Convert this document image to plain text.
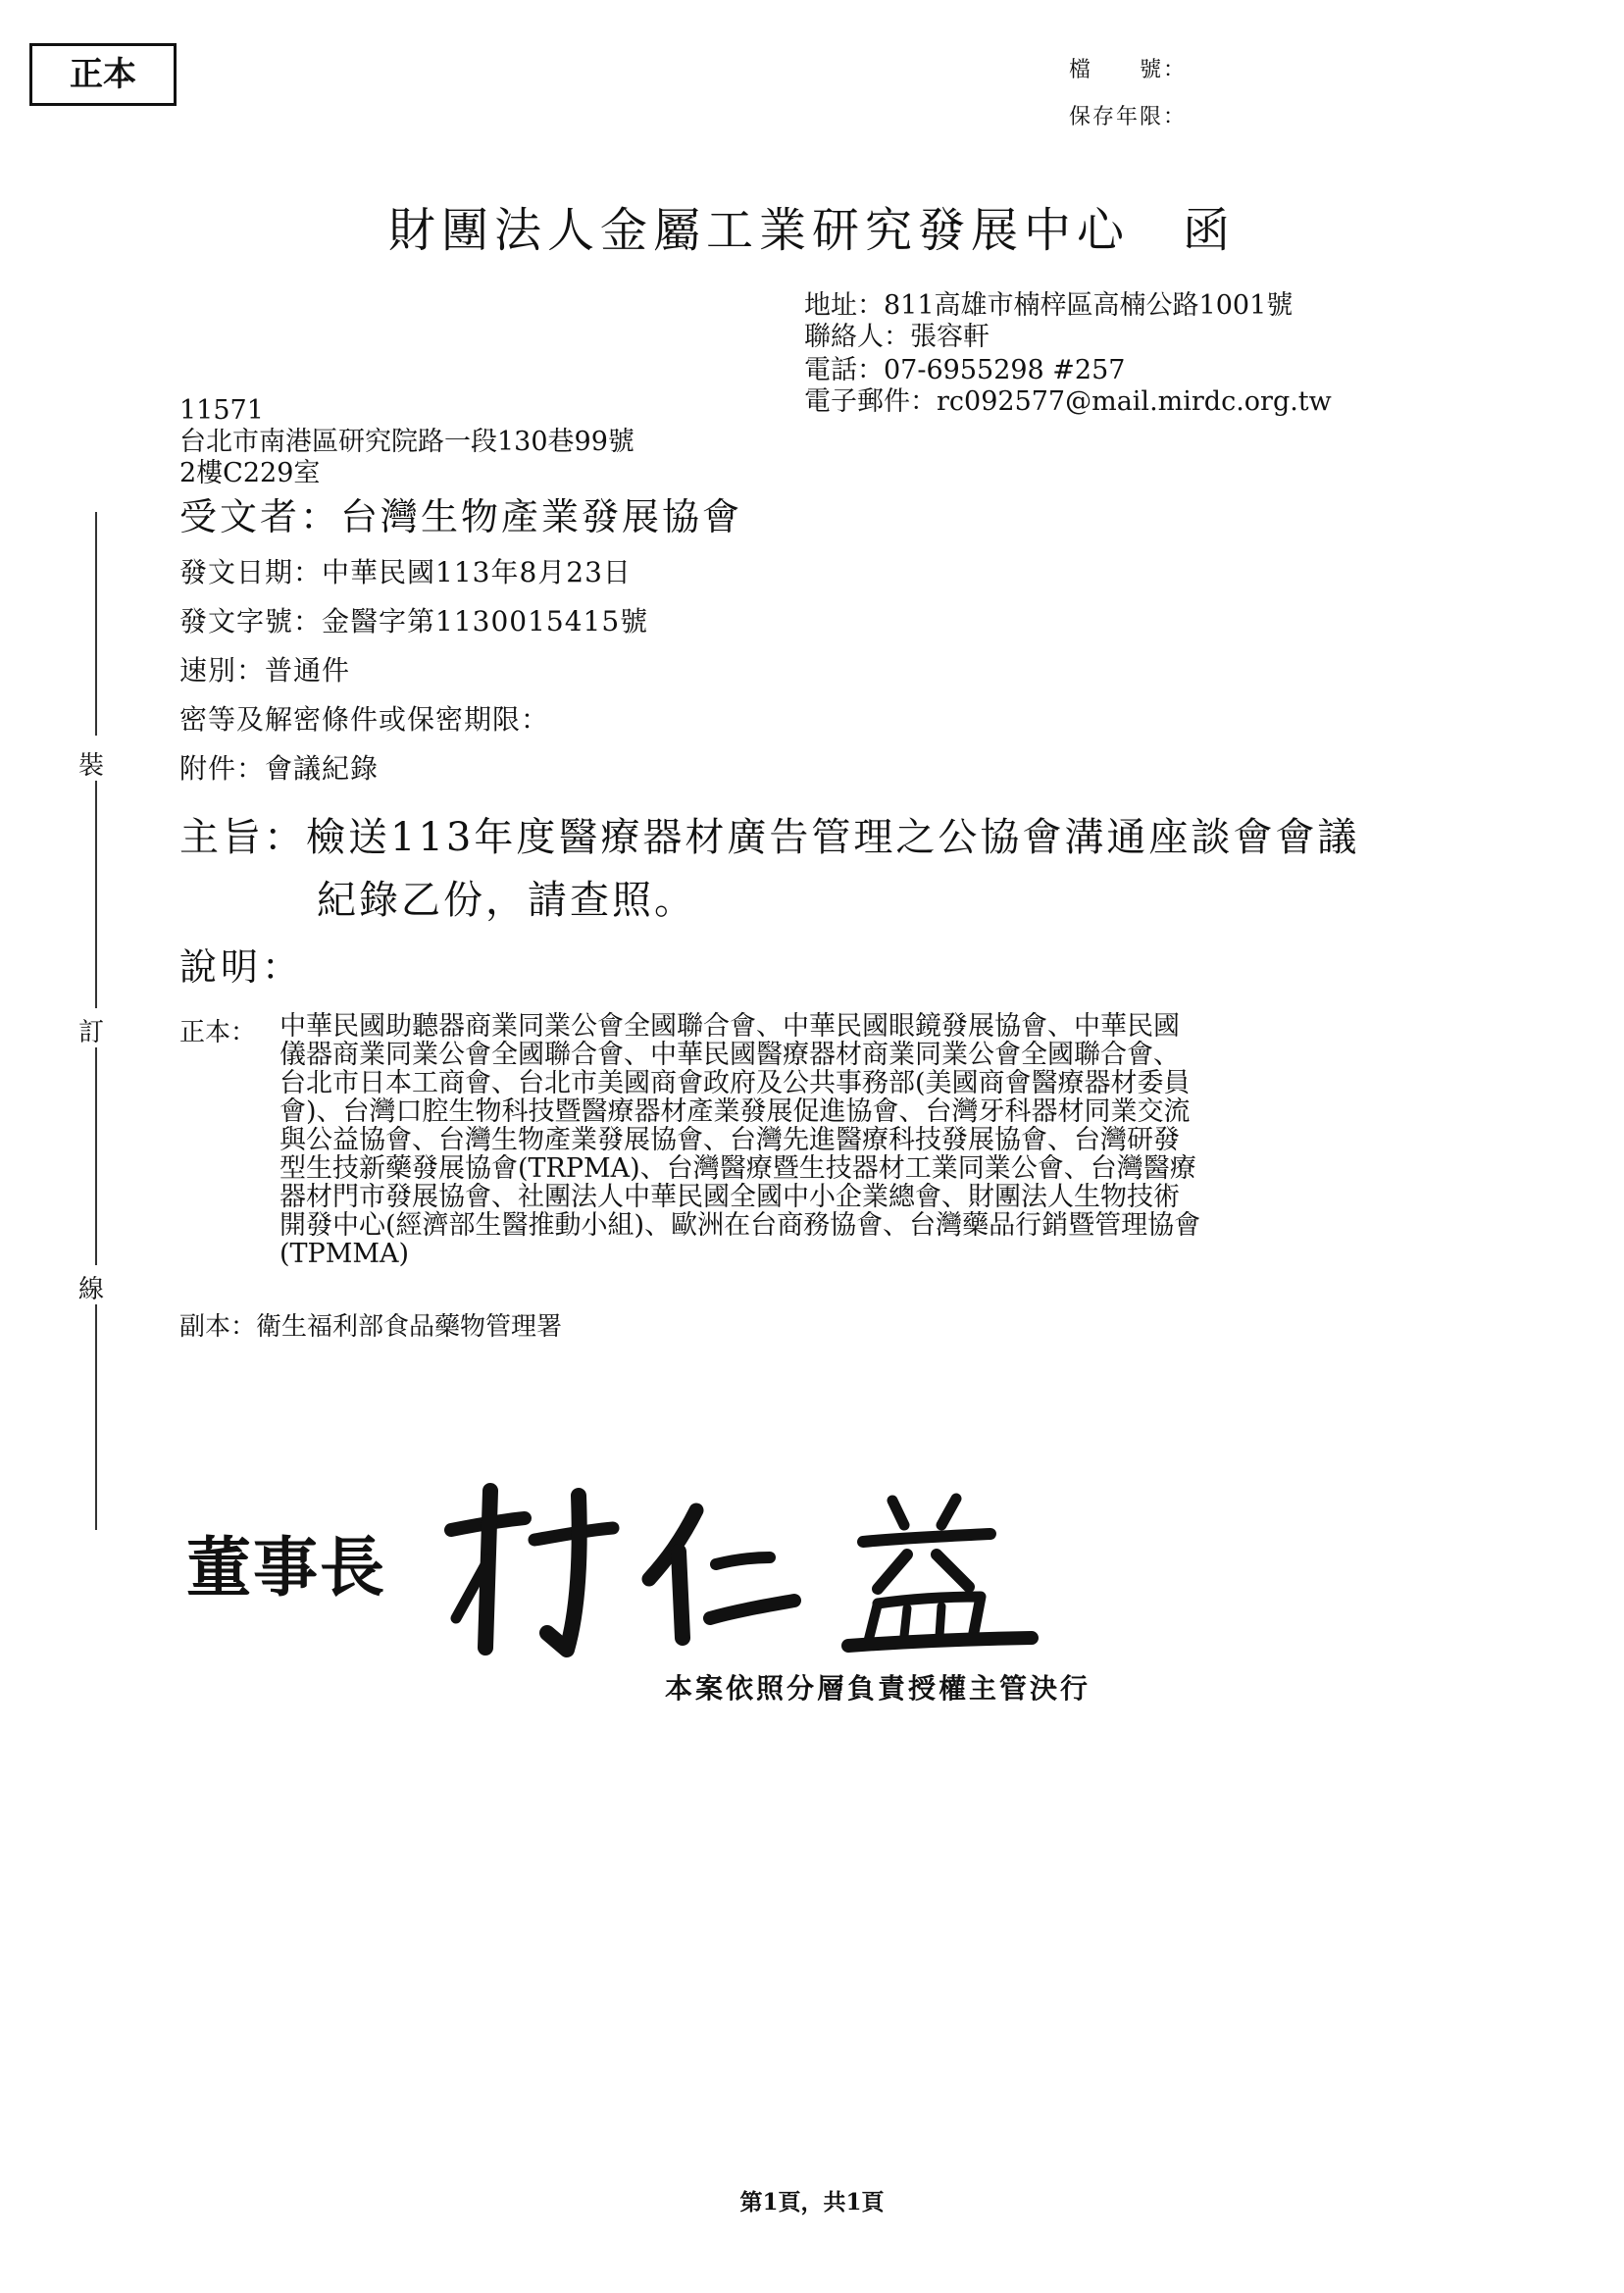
正本	檔　　號：
保存年限：
財團法人金屬工業研究發展中心　函
地址：811高雄市楠梓區高楠公路1001號
聯絡人：張容軒
電話：07-6955298 #257
電子郵件：rc092577@mail.mirdc.org.tw
11571
台北市南港區研究院路一段130巷99號
2樓C229室
受文者：台灣生物產業發展協會
發文日期：中華民國113年8月23日
發文字號：金醫字第1130015415號
速別：普通件
密等及解密條件或保密期限：
附件：會議紀錄
主旨：檢送113年度醫療器材廣告管理之公協會溝通座談會會議
紀錄乙份，請查照。
說明：
正本： 中華民國助聽器商業同業公會全國聯合會、中華民國眼鏡發展協會、中華民國
儀器商業同業公會全國聯合會、中華民國醫療器材商業同業公會全國聯合會、
台北市日本工商會、台北市美國商會政府及公共事務部(美國商會醫療器材委員
會)、台灣口腔生物科技暨醫療器材產業發展促進協會、台灣牙科器材同業交流
與公益協會、台灣生物產業發展協會、台灣先進醫療科技發展協會、台灣研發
型生技新藥發展協會(TRPMA)、台灣醫療暨生技器材工業同業公會、台灣醫療
器材門市發展協會、社團法人中華民國全國中小企業總會、財團法人生物技術
開發中心(經濟部生醫推動小組)、歐洲在台商務協會、台灣藥品行銷暨管理協會
(TPMMA)
副本：衛生福利部食品藥物管理署
董事長
本案依照分層負責授權主管決行
裝
訂
線
第1頁，共1頁
